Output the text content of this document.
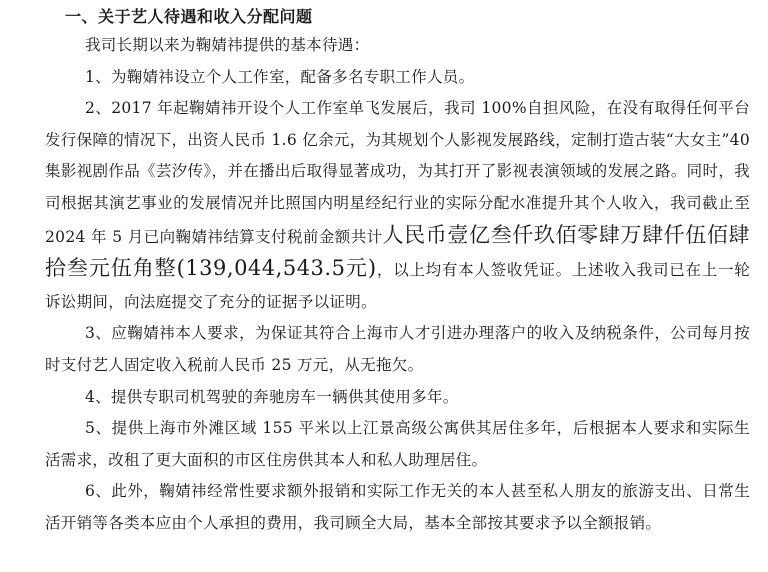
一、关于艺人待遇和收入分配问题

我司长期以来为鞠婧祎提供的基本待遇：

1、为鞠婧祎设立个人工作室，配备多名专职工作人员。

2、2017 年起鞠婧祎开设个人工作室单飞发展后，我司 100%自担风险，在没有取得任何平台发行保障的情况下，出资人民币 1.6 亿余元，为其规划个人影视发展路线，定制打造古装“大女主”40 集影视剧作品《芸汐传》，并在播出后取得显著成功，为其打开了影视表演领域的发展之路。同时，我司根据其演艺事业的发展情况并比照国内明星经纪行业的实际分配水准提升其个人收入，我司截止至 2024 年 5 月已向鞠婧祎结算支付税前金额共计人民币壹亿叁仟玖佰零肆万肆仟伍佰肆拾叁元伍角整(139,044,543.5元)，以上均有本人签收凭证。上述收入我司已在上一轮诉讼期间，向法庭提交了充分的证据予以证明。

3、应鞠婧祎本人要求，为保证其符合上海市人才引进办理落户的收入及纳税条件，公司每月按时支付艺人固定收入税前人民币 25 万元，从无拖欠。

4、提供专职司机驾驶的奔驰房车一辆供其使用多年。

5、提供上海市外滩区域 155 平米以上江景高级公寓供其居住多年，后根据本人要求和实际生活需求，改租了更大面积的市区住房供其本人和私人助理居住。

6、此外，鞠婧祎经常性要求额外报销和实际工作无关的本人甚至私人朋友的旅游支出、日常生活开销等各类本应由个人承担的费用，我司顾全大局，基本全部按其要求予以全额报销。
